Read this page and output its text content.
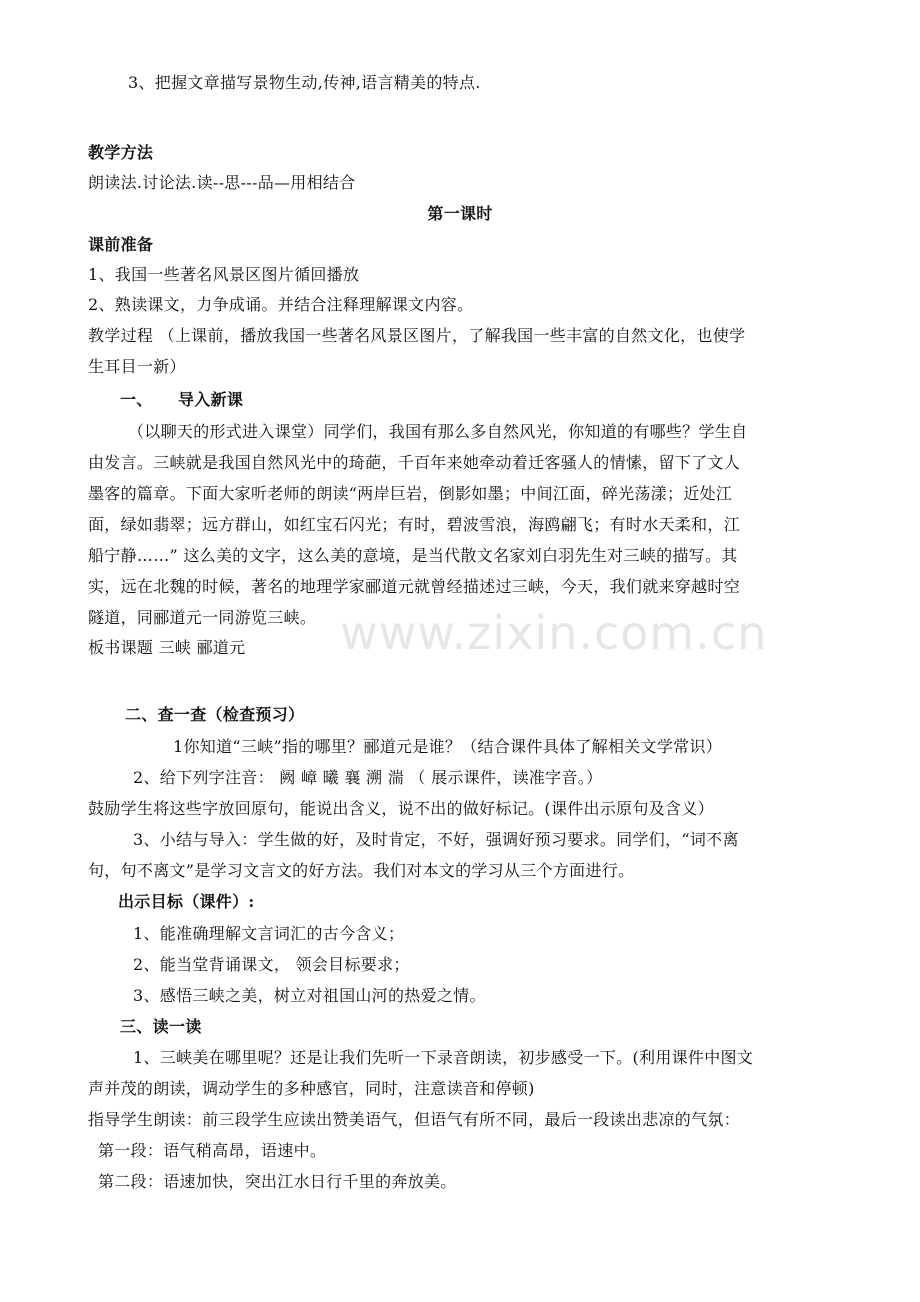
3、把握文章描写景物生动,传神,语言精美的特点.
教学方法
朗读法.讨论法.读--思---品—用相结合
第一课时
课前准备
1、我国一些著名风景区图片循回播放
2、熟读课文，力争成诵。并结合注释理解课文内容。
教学过程 （上课前，播放我国一些著名风景区图片，了解我国一些丰富的自然文化，也使学
生耳目一新）
一、 导入新课
（以聊天的形式进入课堂）同学们，我国有那么多自然风光，你知道的有哪些？学生自
由发言。三峡就是我国自然风光中的琦葩，千百年来她牵动着迁客骚人的情愫，留下了文人
墨客的篇章。下面大家听老师的朗读“两岸巨岩，倒影如墨；中间江面，碎光荡漾；近处江
面，绿如翡翠；远方群山，如红宝石闪光；有时，碧波雪浪，海鸥翩飞；有时水天柔和，江
船宁静……” 这么美的文字，这么美的意境，是当代散文名家刘白羽先生对三峡的描写。其
实，远在北魏的时候，著名的地理学家郦道元就曾经描述过三峡，今天，我们就来穿越时空
隧道，同郦道元一同游览三峡。
板书课题 三峡 郦道元
二、查一查（检查预习）
1你知道“三峡”指的哪里？郦道元是谁？（结合课件具体了解相关文学常识）
2、给下列字注音： 阙 嶂 曦 襄 溯 湍 （ 展示课件，读准字音。）
鼓励学生将这些字放回原句，能说出含义，说不出的做好标记。(课件出示原句及含义）
3、小结与导入：学生做的好，及时肯定，不好，强调好预习要求。同学们，“词不离
句，句不离文”是学习文言文的好方法。我们对本文的学习从三个方面进行。
出示目标（课件）:
1、能准确理解文言词汇的古今含义；
2、能当堂背诵课文， 领会目标要求；
3、感悟三峡之美，树立对祖国山河的热爱之情。
三、读一读
1、三峡美在哪里呢？还是让我们先听一下录音朗读，初步感受一下。(利用课件中图文
声并茂的朗读，调动学生的多种感官，同时，注意读音和停顿)
指导学生朗读：前三段学生应读出赞美语气，但语气有所不同，最后一段读出悲凉的气氛：
第一段：语气稍高昂，语速中。
第二段：语速加快，突出江水日行千里的奔放美。
www.zixin.com.cn
